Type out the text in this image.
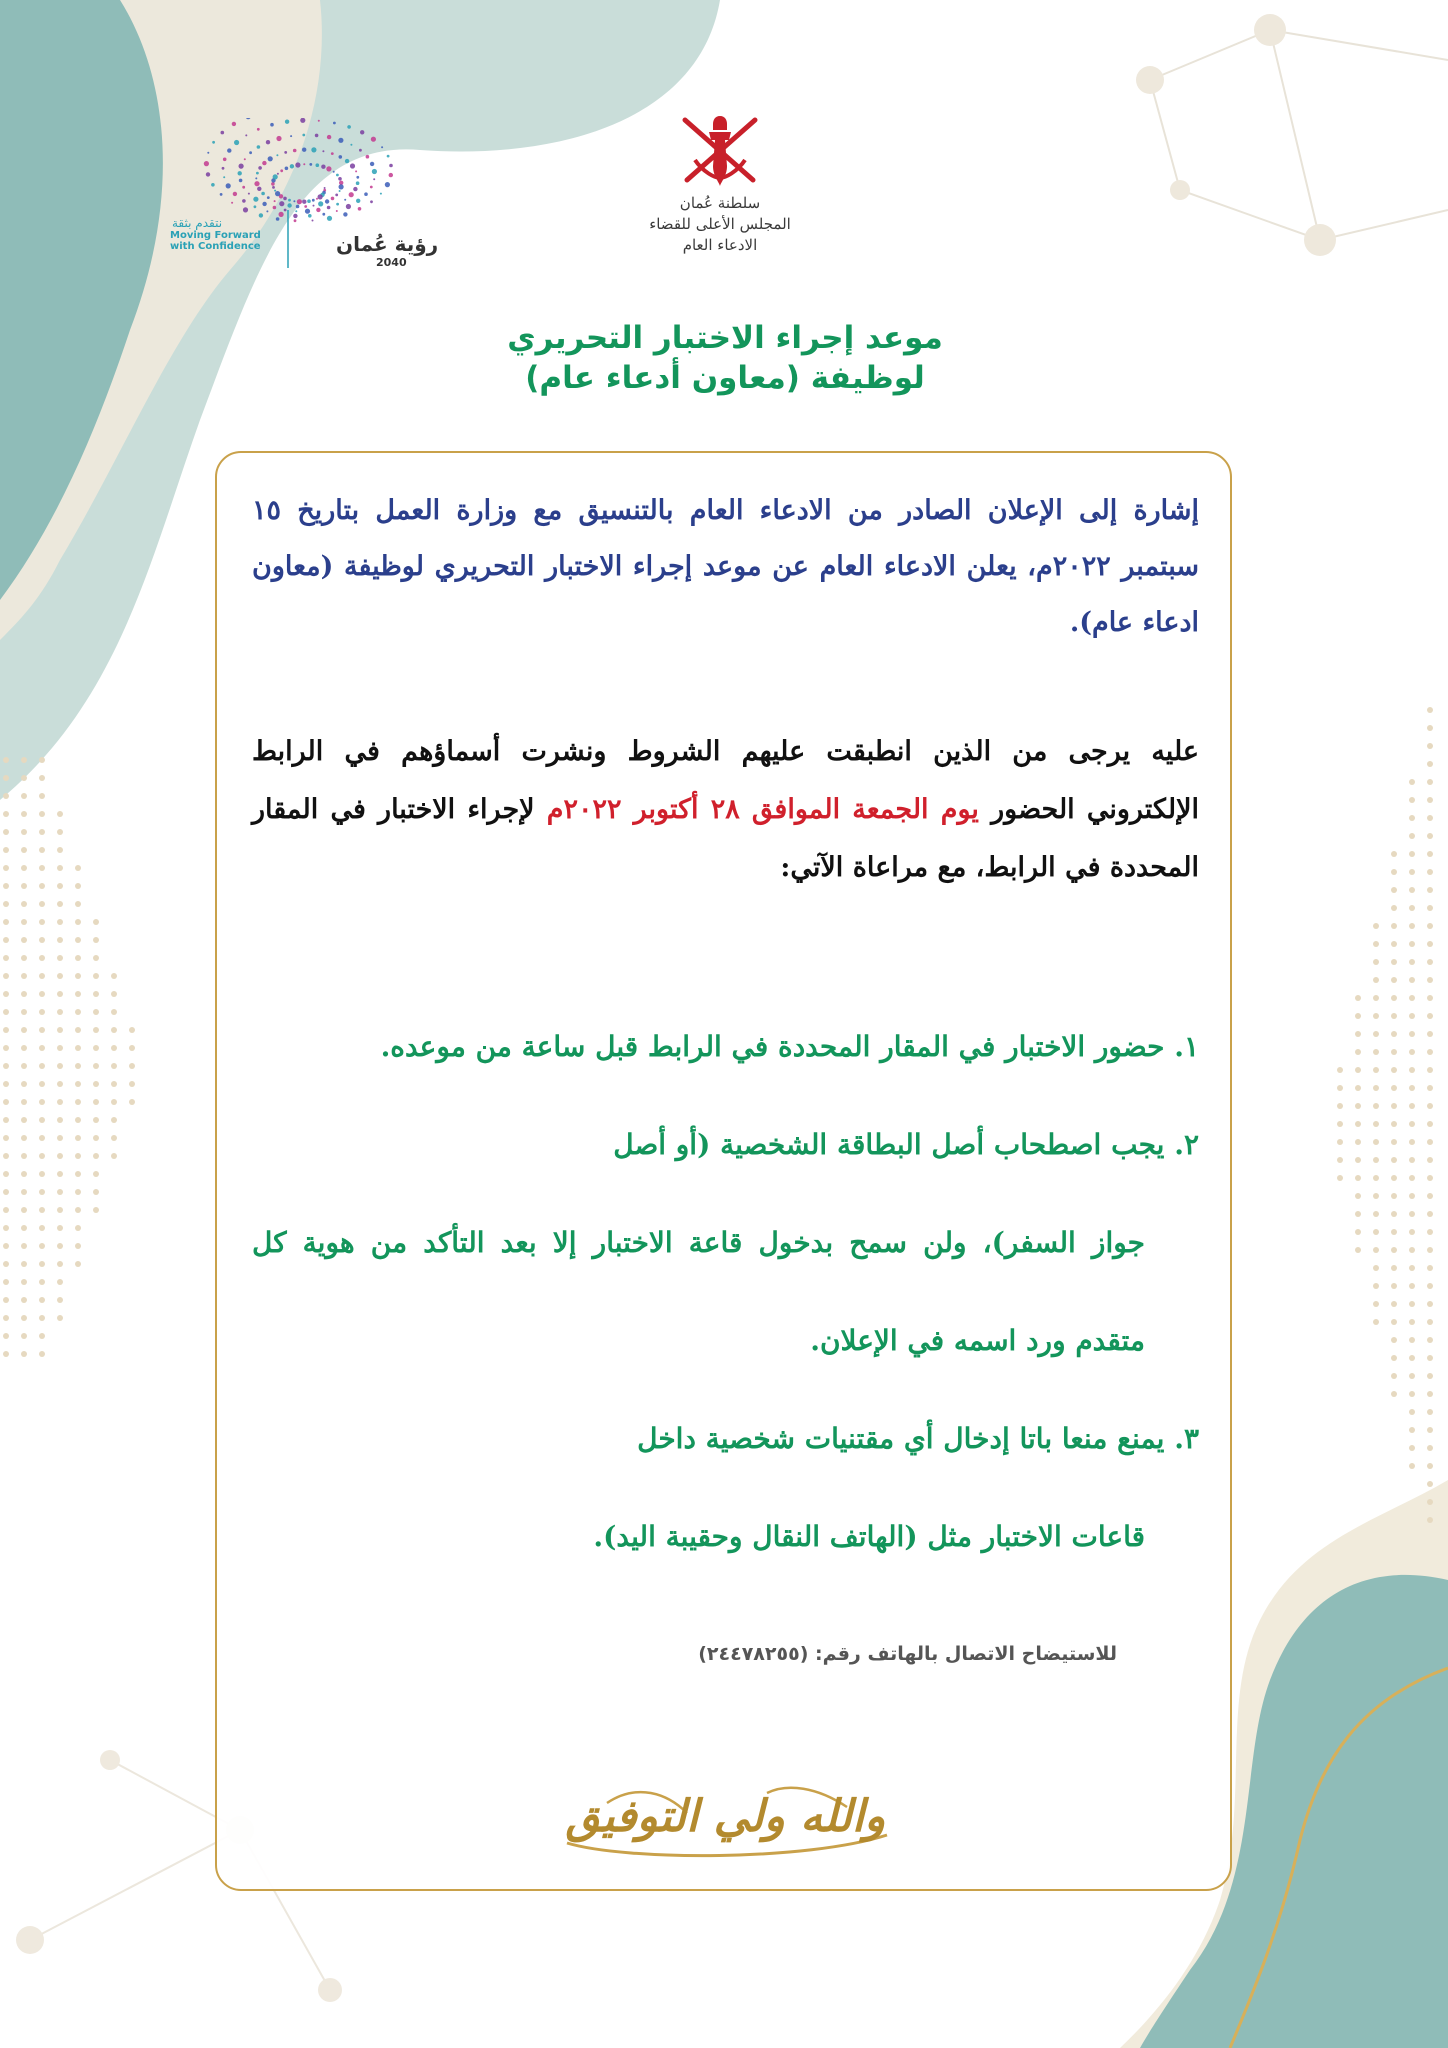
سلطنة عُمان
المجلس الأعلى للقضاء
الادعاء العام
نتقدم بثقة
Moving Forward
with Confidence	رؤية عُمان
2040
موعد إجراء الاختبار التحريري
لوظيفة (معاون أدعاء عام)
إشارة إلى الإعلان الصادر من الادعاء العام بالتنسيق مع وزارة العمل بتاريخ ١٥ سبتمبر ٢٠٢٢م، يعلن الادعاء العام عن موعد إجراء الاختبار التحريري لوظيفة (معاون ادعاء عام).
عليه يرجى من الذين انطبقت عليهم الشروط ونشرت أسماؤهم في الرابط الإلكتروني الحضور يوم الجمعة الموافق ٢٨ أكتوبر ٢٠٢٢م لإجراء الاختبار في المقار المحددة في الرابط، مع مراعاة الآتي:
١. حضور الاختبار في المقار المحددة في الرابط قبل ساعة من موعده.
٢. يجب اصطحاب أصل البطاقة الشخصية (أو أصل
جواز السفر)، ولن سمح بدخول قاعة الاختبار إلا بعد التأكد من هوية كل متقدم ورد اسمه في الإعلان.
٣. يمنع منعا باتا إدخال أي مقتنيات شخصية داخل
قاعات الاختبار مثل (الهاتف النقال وحقيبة اليد).
للاستيضاح الاتصال بالهاتف رقم: (٢٤٤٧٨٢٥٥)
والله ولي التوفيق
